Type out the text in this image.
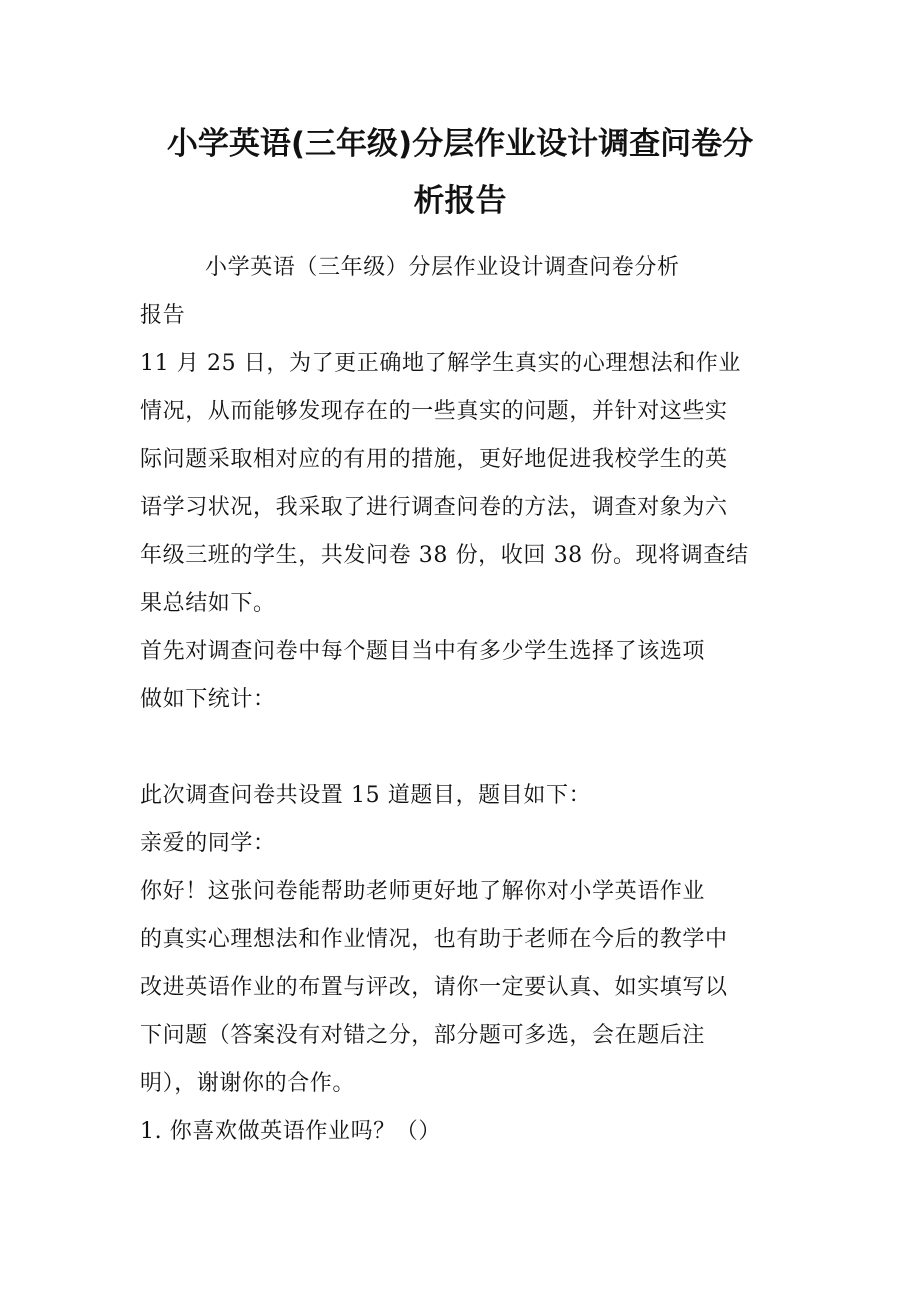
小学英语(三年级)分层作业设计调查问卷分
析报告

小学英语（三年级）分层作业设计调查问卷分析

报告

11 月 25 日，为了更正确地了解学生真实的心理想法和作业

情况，从而能够发现存在的一些真实的问题，并针对这些实

际问题采取相对应的有用的措施，更好地促进我校学生的英

语学习状况，我采取了进行调查问卷的方法，调查对象为六

年级三班的学生，共发问卷 38 份，收回 38 份。现将调查结

果总结如下。

首先对调查问卷中每个题目当中有多少学生选择了该选项

做如下统计：

此次调查问卷共设置 15 道题目，题目如下：

亲爱的同学：

你好！这张问卷能帮助老师更好地了解你对小学英语作业

的真实心理想法和作业情况，也有助于老师在今后的教学中

改进英语作业的布置与评改，请你一定要认真、如实填写以

下问题（答案没有对错之分，部分题可多选，会在题后注

明），谢谢你的合作。

1. 你喜欢做英语作业吗？（）
